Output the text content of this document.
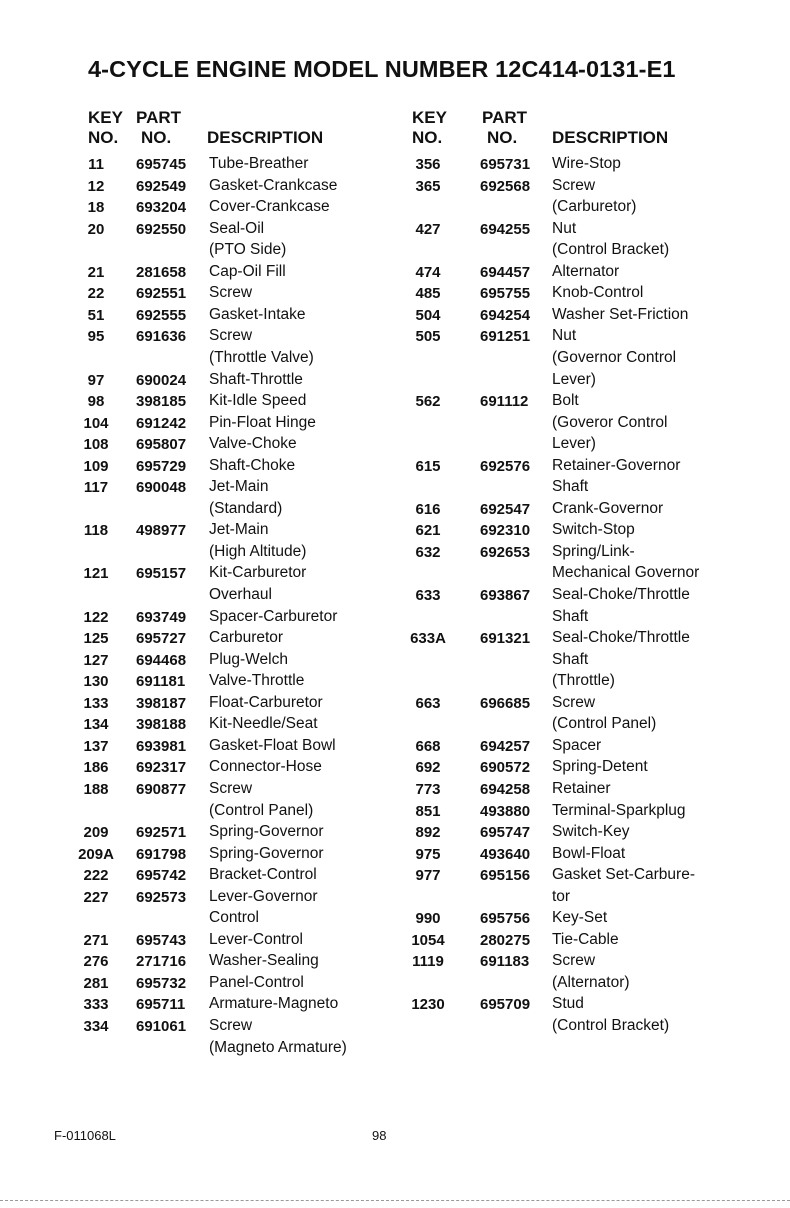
4-CYCLE ENGINE MODEL NUMBER 12C414-0131-E1
KEY
NO.
PART
NO.	DESCRIPTION
KEY
NO.
PART
NO.	DESCRIPTION
11	695745 Tube-Breather
12	692549 Gasket-Crankcase
18	693204 Cover-Crankcase
20	692550 Seal-Oil
(PTO Side)
21	281658 Cap-Oil Fill
22	692551 Screw
51	692555 Gasket-Intake
95	691636 Screw
(Throttle Valve)
97	690024 Shaft-Throttle
98	398185 Kit-Idle Speed
104	691242 Pin-Float Hinge
108	695807 Valve-Choke
109	695729 Shaft-Choke
117	690048 Jet-Main
(Standard)
118	498977 Jet-Main
(High Altitude)
121	695157 Kit-Carburetor
Overhaul
122	693749 Spacer-Carburetor
125	695727 Carburetor
127	694468 Plug-Welch
130	691181 Valve-Throttle
133	398187 Float-Carburetor
134	398188 Kit-Needle/Seat
137	693981 Gasket-Float Bowl
186	692317 Connector-Hose
188	690877 Screw
(Control Panel)
209	692571 Spring-Governor
209A	691798 Spring-Governor
222	695742 Bracket-Control
227	692573 Lever-Governor
Control
271	695743 Lever-Control
276	271716 Washer-Sealing
281	695732 Panel-Control
333	695711 Armature-Magneto
334	691061 Screw
(Magneto Armature)
356	695731 Wire-Stop
365	692568 Screw
(Carburetor)
427	694255 Nut
(Control Bracket)
474	694457 Alternator
485	695755 Knob-Control
504	694254 Washer Set-Friction
505	691251 Nut
(Governor Control
Lever)
562	691112 Bolt
(Goveror Control
Lever)
615	692576 Retainer-Governor
Shaft
616	692547 Crank-Governor
621	692310 Switch-Stop
632	692653 Spring/Link-
Mechanical Governor
633	693867 Seal-Choke/Throttle
Shaft
633A	691321 Seal-Choke/Throttle
Shaft
(Throttle)
663	696685 Screw
(Control Panel)
668	694257 Spacer
692	690572 Spring-Detent
773	694258 Retainer
851	493880 Terminal-Sparkplug
892	695747 Switch-Key
975	493640 Bowl-Float
977	695156 Gasket Set-Carbure-
tor
990	695756 Key-Set
1054	280275 Tie-Cable
1119	691183 Screw
(Alternator)
1230	695709 Stud
(Control Bracket)
F-011068L	98
